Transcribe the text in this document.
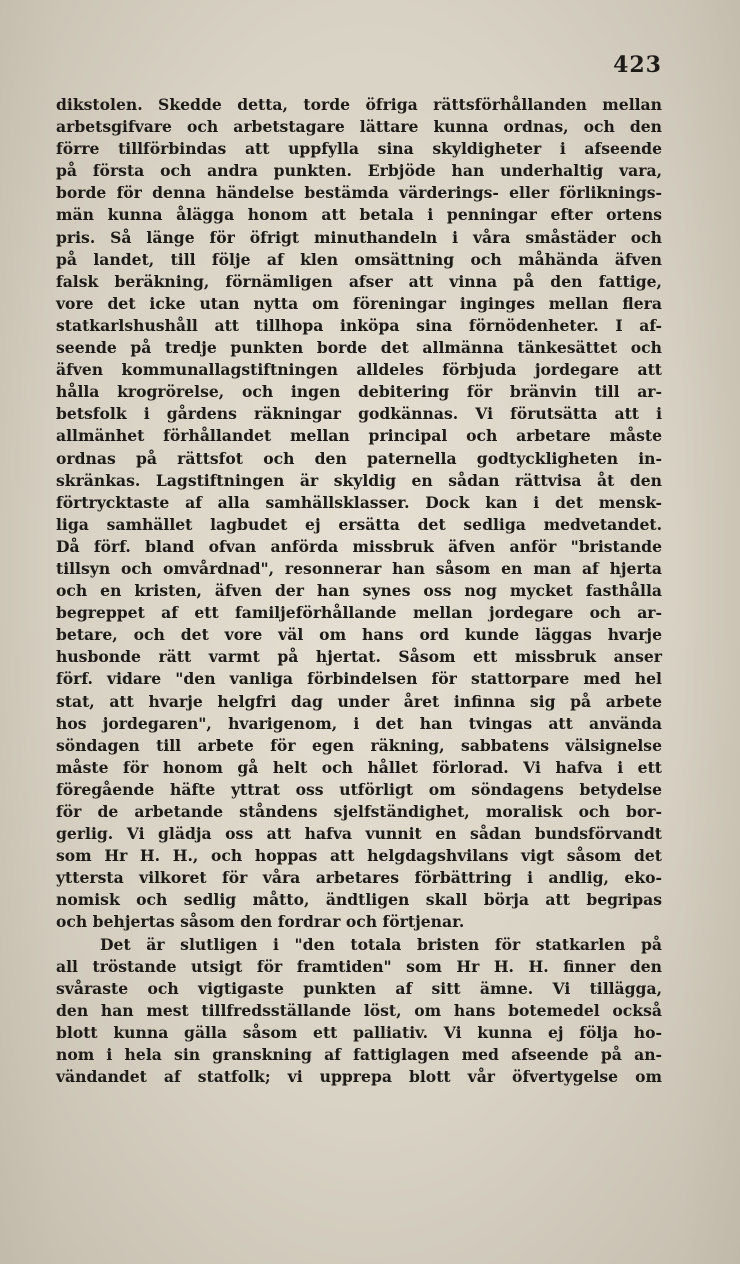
423
dikstolen. Skedde detta, torde öfriga rättsförhållanden mellan
arbetsgifvare och arbetstagare lättare kunna ordnas, och den
förre tillförbindas att uppfylla sina skyldigheter i afseende
på första och andra punkten. Erbjöde han underhaltig vara,
borde för denna händelse bestämda värderings- eller förliknings-
män kunna ålägga honom att betala i penningar efter ortens
pris. Så länge för öfrigt minuthandeln i våra småstäder och
på landet, till följe af klen omsättning och måhända äfven
falsk beräkning, förnämligen afser att vinna på den fattige,
vore det icke utan nytta om föreningar inginges mellan flera
statkarlshushåll att tillhopa inköpa sina förnödenheter. I af-
seende på tredje punkten borde det allmänna tänkesättet och
äfven kommunallagstiftningen alldeles förbjuda jordegare att
hålla krogrörelse, och ingen debitering för bränvin till ar-
betsfolk i gårdens räkningar godkännas. Vi förutsätta att i
allmänhet förhållandet mellan principal och arbetare måste
ordnas på rättsfot och den paternella godtyckligheten in-
skränkas. Lagstiftningen är skyldig en sådan rättvisa åt den
förtrycktaste af alla samhällsklasser. Dock kan i det mensk-
liga samhället lagbudet ej ersätta det sedliga medvetandet.
Då förf. bland ofvan anförda missbruk äfven anför "bristande
tillsyn och omvårdnad", resonnerar han såsom en man af hjerta
och en kristen, äfven der han synes oss nog mycket fasthålla
begreppet af ett familjeförhållande mellan jordegare och ar-
betare, och det vore väl om hans ord kunde läggas hvarje
husbonde rätt varmt på hjertat. Såsom ett missbruk anser
förf. vidare "den vanliga förbindelsen för stattorpare med hel
stat, att hvarje helgfri dag under året infinna sig på arbete
hos jordegaren", hvarigenom, i det han tvingas att använda
söndagen till arbete för egen räkning, sabbatens välsignelse
måste för honom gå helt och hållet förlorad. Vi hafva i ett
föregående häfte yttrat oss utförligt om söndagens betydelse
för de arbetande ståndens sjelfständighet, moralisk och bor-
gerlig. Vi glädja oss att hafva vunnit en sådan bundsförvandt
som Hr H. H., och hoppas att helgdagshvilans vigt såsom det
yttersta vilkoret för våra arbetares förbättring i andlig, eko-
nomisk och sedlig måtto, ändtligen skall börja att begripas
och behjertas såsom den fordrar och förtjenar.
Det är slutligen i "den totala bristen för statkarlen på
all tröstande utsigt för framtiden" som Hr H. H. finner den
svåraste och vigtigaste punkten af sitt ämne. Vi tillägga,
den han mest tillfredsställande löst, om hans botemedel också
blott kunna gälla såsom ett palliativ. Vi kunna ej följa ho-
nom i hela sin granskning af fattiglagen med afseende på an-
vändandet af statfolk; vi upprepa blott vår öfvertygelse om
